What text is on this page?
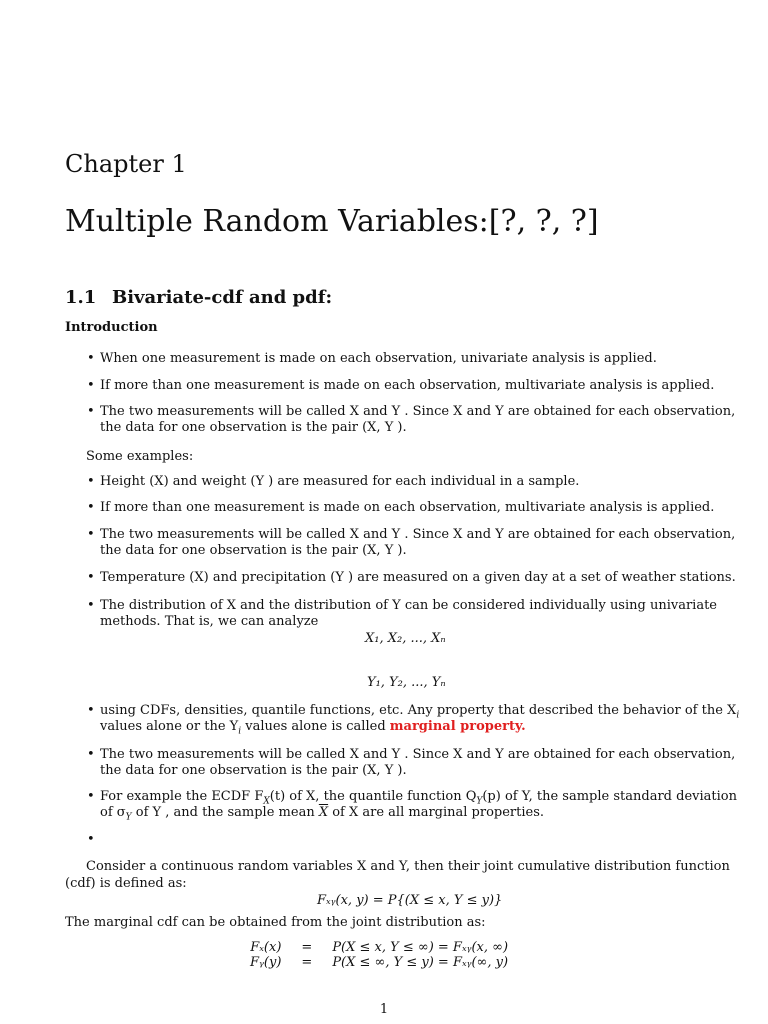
Chapter 1
Multiple Random Variables:[?, ?, ?]
1.1 Bivariate-cdf and pdf:
Introduction
• When one measurement is made on each observation, univariate analysis is applied.
• If more than one measurement is made on each observation, multivariate analysis is applied.
• The two measurements will be called X and Y . Since X and Y are obtained for each observation,
the data for one observation is the pair (X, Y ).
Some examples:
• Height (X) and weight (Y ) are measured for each individual in a sample.
• If more than one measurement is made on each observation, multivariate analysis is applied.
• The two measurements will be called X and Y . Since X and Y are obtained for each observation,
the data for one observation is the pair (X, Y ).
• Temperature (X) and precipitation (Y ) are measured on a given day at a set of weather stations.
• The distribution of X and the distribution of Y can be considered individually using univariate
methods. That is, we can analyze
X₁, X₂, ..., Xₙ
Y₁, Y₂, ..., Yₙ
• using CDFs, densities, quantile functions, etc. Any property that described the behavior of the $X_i$
values alone or the $Y_i$ values alone is called marginal property.
• The two measurements will be called X and Y . Since X and Y are obtained for each observation,
the data for one observation is the pair (X, Y ).
• For example the ECDF $F_X(t)$ of X, the quantile function $Q_Y(p)$ of Y, the sample standard deviation
of $\sigma_Y$ of Y , and the sample mean $\overline{X}$ of X are all marginal properties.
•
Consider a continuous random variables X and Y, then their joint cumulative distribution function
(cdf) is defined as:
Fₓᵧ(x, y) = P{(X ≤ x, Y ≤ y)}
The marginal cdf can be obtained from the joint distribution as:
Fₓ(x)	=	P(X ≤ x, Y ≤ ∞) = Fₓᵧ(x, ∞)
Fᵧ(y)	=	P(X ≤ ∞, Y ≤ y) = Fₓᵧ(∞, y)
1
